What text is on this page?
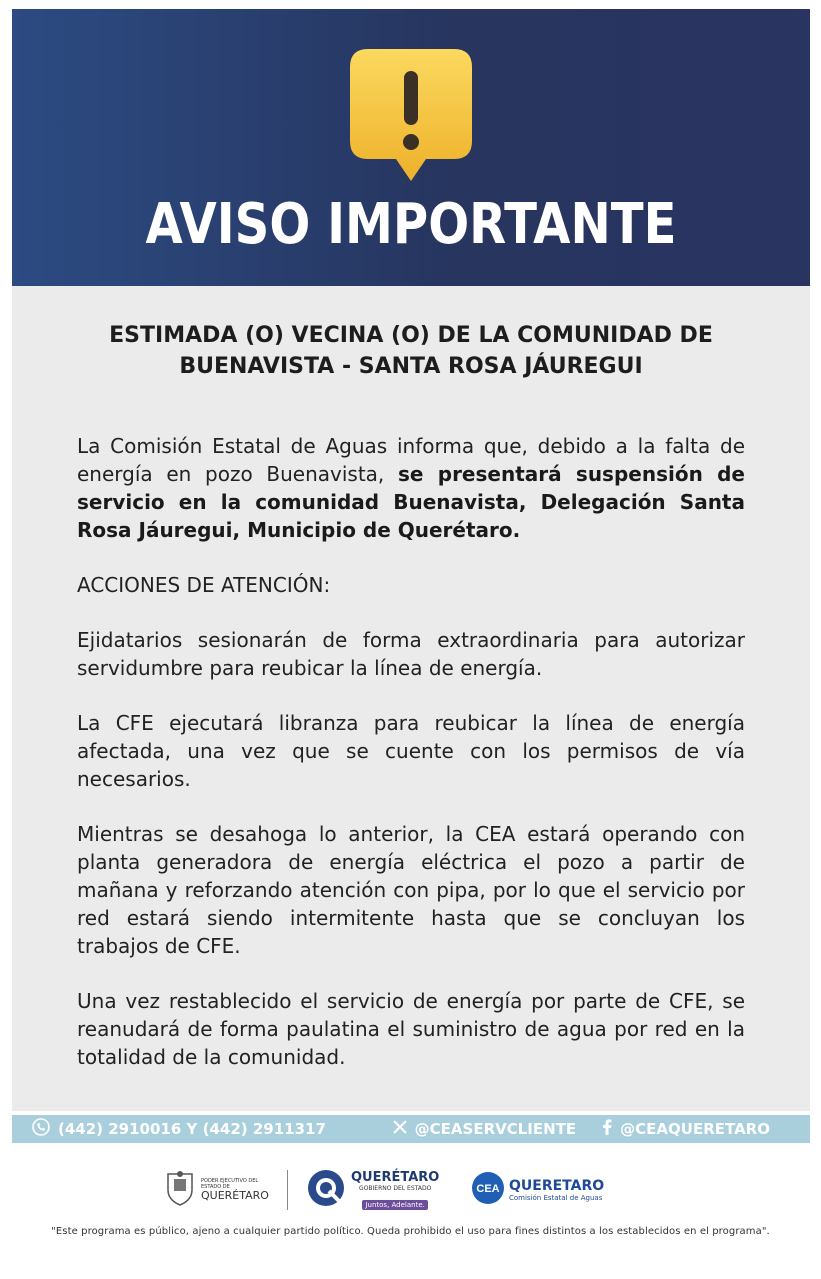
AVISO IMPORTANTE
ESTIMADA (O) VECINA (O) DE LA COMUNIDAD DE
BUENAVISTA - SANTA ROSA JÁUREGUI

La Comisión Estatal de Aguas informa que, debido a la falta de energía en pozo Buenavista, se presentará suspensión de servicio en la comunidad Buenavista, Delegación Santa Rosa Jáuregui, Municipio de Querétaro.

ACCIONES DE ATENCIÓN:

Ejidatarios sesionarán de forma extraordinaria para autorizar servidumbre para reubicar la línea de energía.

La CFE ejecutará libranza para reubicar la línea de energía afectada, una vez que se cuente con los permisos de vía necesarios.

Mientras se desahoga lo anterior, la CEA estará operando con planta generadora de energía eléctrica el pozo a partir de mañana y reforzando atención con pipa, por lo que el servicio por red estará siendo intermitente hasta que se concluyan los trabajos de CFE.

Una vez restablecido el servicio de energía por parte de CFE, se reanudará de forma paulatina el suministro de agua por red en la totalidad de la comunidad.

(442) 2910016 Y (442) 2911317	@CEASERVCLIENTE	@CEAQUERETARO
PODER EJECUTIVO DEL ESTADO DE
QUERÉTARO
QUERÉTARO
GOBIERNO DEL ESTADO
Juntos, Adelante.
CEA QUERETARO
Comisión Estatal de Aguas
"Este programa es público, ajeno a cualquier partido político. Queda prohibido el uso para fines distintos a los establecidos en el programa".
